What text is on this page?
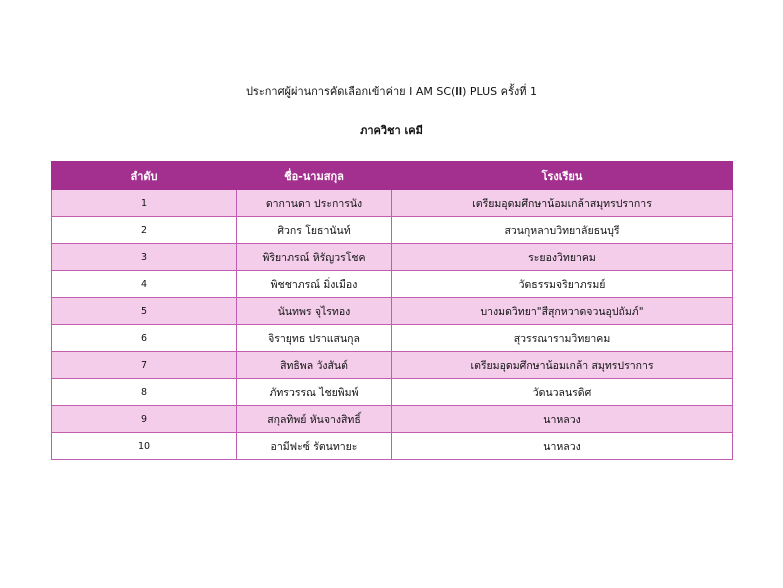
ประกาศผู้ผ่านการคัดเลือกเข้าค่าย I AM SC(𝐈𝐈) PLUS ครั้งที่ 1
ภาควิชา เคมี
ลำดับ	ชื่อ-นามสกุล	โรงเรียน
1	ดากานดา ประการนัง	เตรียมอุดมศึกษาน้อมเกล้าสมุทรปราการ
2	ศิวกร โยธานันท์	สวนกุหลาบวิทยาลัยธนบุรี
3	พิริยาภรณ์ หิรัญวรโชค	ระยองวิทยาคม
4	พิชชาภรณ์ มิ่งเมือง	วัดธรรมจริยาภรมย์
5	นันทพร จุไรทอง	บางมดวิทยา"สีสุกหวาดจวนอุปถัมภ์"
6	จิรายุทธ ปราแสนกุล	สุวรรณารามวิทยาคม
7	สิทธิพล วังสันต์	เตรียมอุดมศึกษาน้อมเกล้า สมุทรปราการ
8	ภัทรวรรณ ไชยพิมพ์	วัดนวลนรดิศ
9	สกุลทิพย์ หันจางสิทธิ์	นาหลวง
10	อามีฟะซ์ รัตนทายะ	นาหลวง
